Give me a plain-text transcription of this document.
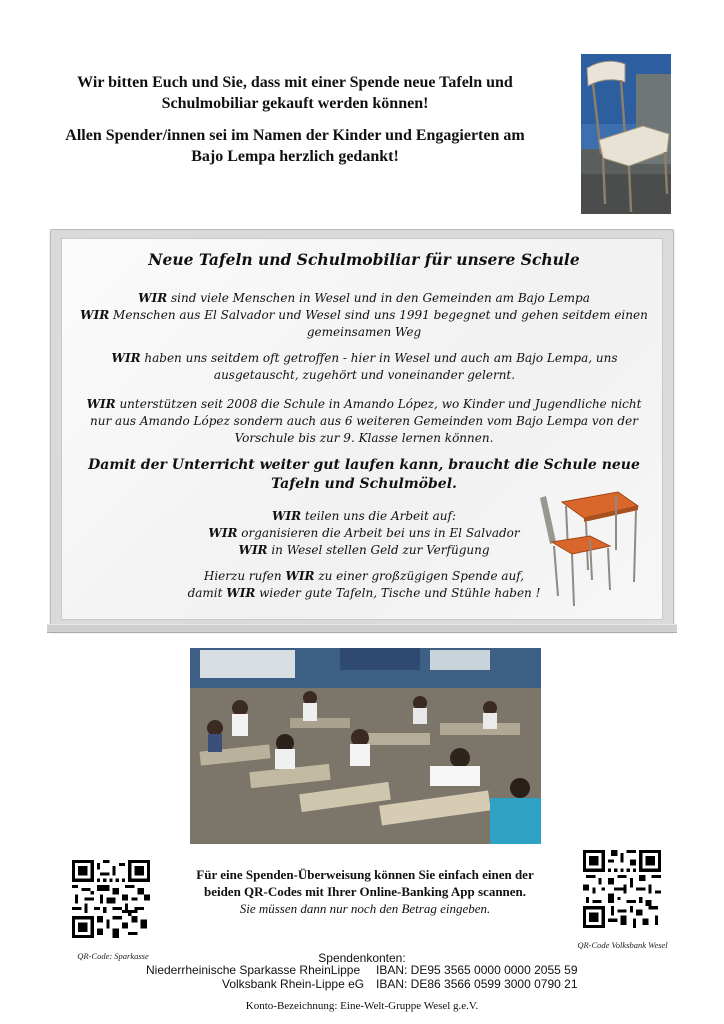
Wir bitten Euch und Sie, dass mit einer Spende neue Tafeln und Schulmobiliar gekauft werden können!

Allen Spender/innen sei im Namen der Kinder und Engagierten am Bajo Lempa herzlich gedankt!

Neue Tafeln und Schulmobiliar für unsere Schule

WIR sind viele Menschen in Wesel und in den Gemeinden am Bajo Lempa

WIR Menschen aus El Salvador und Wesel sind uns 1991 begegnet und gehen seitdem einen gemeinsamen Weg

WIR haben uns seitdem oft getroffen - hier in Wesel und auch am Bajo Lempa, uns ausgetauscht, zugehört und voneinander gelernt.

WIR unterstützen seit 2008 die Schule in Amando López, wo Kinder und Jugendliche nicht nur aus Amando López sondern auch aus 6 weiteren Gemeinden vom Bajo Lempa von der Vorschule bis zur 9. Klasse lernen können.

Damit der Unterricht weiter gut laufen kann, braucht die Schule neue Tafeln und Schulmöbel.

WIR teilen uns die Arbeit auf:

WIR organisieren die Arbeit bei uns in El Salvador

WIR in Wesel stellen Geld zur Verfügung

Hierzu rufen WIR zu einer großzügigen Spende auf,

damit WIR wieder gute Tafeln, Tische und Stühle haben !

QR-Code: Sparkasse
QR-Code Volksbank Wesel
Für eine Spenden-Überweisung können Sie einfach einen der beiden QR-Codes mit Ihrer Online-Banking App scannen.
Sie müssen dann nur noch den Betrag eingeben.
Spendenkonten:
Niederrheinische Sparkasse RheinLippe IBAN: DE95 3565 0000 0000 2055 59
Volksbank Rhein-Lippe eG IBAN: DE86 3566 0599 3000 0790 21
Konto-Bezeichnung: Eine-Welt-Gruppe Wesel g.e.V.
